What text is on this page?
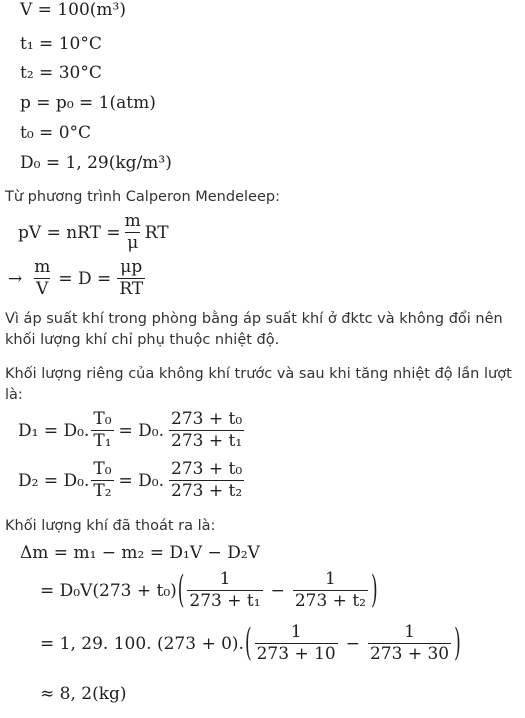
V = 100(m³)
t₁ = 10°C
t₂ = 30°C
p = p₀ = 1(atm)
t₀ = 0°C
D₀ = 1, 29(kg/m³)
Từ phương trình Calperon Mendeleep:
pV = nRT = $\frac{m}{\mu}$ RT
→ $\frac{m}{V} = D = \frac{\mu p}{RT}$
Vì áp suất khí trong phòng bằng áp suất khí ở đktc và không đổi nên
khối lượng khí chỉ phụ thuộc nhiệt độ.
Khối lượng riêng của không khí trước và sau khi tăng nhiệt độ lần lượt
là:
D₁ = D₀. $\frac{\text{T₀}}{\text{T₁}} = D_0$. $\frac{\text{273 + t₀}}{\text{273 + t₁}}$
D₂ = D₀. $\frac{\text{T₀}}{\text{T₂}} = D_0$. $\frac{\text{273 + t₀}}{\text{273 + t₂}}$
Khối lượng khí đã thoát ra là:
Δm = m₁ − m₂ = D₁V − D₂V
= D₀V(273 + t₀) ( $\frac{1}{\text{273 + t₁}} - \frac{1}{\text{273 + t₂}}$ )
= 1, 29. 100. (273 + 0). ( $\frac{1}{273 + 10} - \frac{1}{273 + 30}$ )
≈ 8, 2(kg)
